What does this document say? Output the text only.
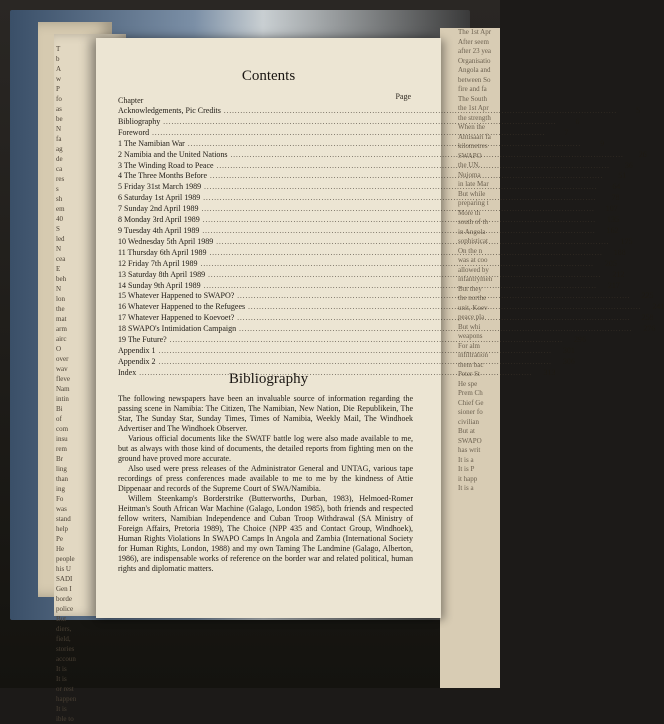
T
b
A
w
P
fo
as
be
N
fa
ag
de
ca
res
s
sh
em
40
S
led
N
cea
E
beh
N
lon
the
mat
arm
airc
O
over
wav
fleve
Nam
intin
Bi
of
com
insu
rem
Br
ling
than
ing
Fo
was
stand
help
Pe
He
people
his U
SADI
Gen I
borde
police
But
diers,
field,
stories
accoun
It is
It is
or rest
happen
It is
ible to
The 1st Apr
After seem
after 23 yea
Organisatio
Angola and
between So
fire and fa
The South
the 1st Apr
the strength
When the
Ahtisaari fa
kilometres
SWAPO
the UN.
Nujoma
in late Mar
But while
preparing t
More th
south of th
in Angola
sophisticat
On the n
was at coo
allowed by
infantrymen
But they
the northe
unit, Koev
peace pla
But whi
weapons
For alm
infiltration
them bac
Peter St
He spe
Prem Ch
Chief Ge
sioner fo
civilian
But at
SWAPO
has writ
It is a
It is P
it happ
It is a
Contents
Chapter	Page
Acknowledgements, Pic Credits .....	5
Bibliography .....	6
Foreword .....	7
1 The Namibian War .....	9
2 Namibia and the United Nations .....	26
3 The Winding Road to Peace .....	36
4 The Three Months Before .....	51
5 Friday 31st March 1989 .....	64
6 Saturday 1st April 1989 .....	78
7 Sunday 2nd April 1989 .....	107
8 Monday 3rd April 1989 .....	135
9 Tuesday 4th April 1989 .....	162
10 Wednesday 5th April 1989 .....	175
11 Thursday 6th April 1989 .....	188
12 Friday 7th April 1989 .....	205
13 Saturday 8th April 1989 .....	212
14 Sunday 9th April 1989 .....	217
15 Whatever Happened to SWAPO? .....	225
16 Whatever Happened to the Refugees .....	241
17 Whatever Happened to Koevoet? .....	258
18 SWAPO's Intimidation Campaign .....	276
19 The Future? .....	296
Appendix 1 .....	301
Appendix 2 .....	306
Index .....	313
Bibliography

The following newspapers have been an invaluable source of information regarding the passing scene in Namibia: The Citizen, The Namibian, New Nation, Die Republikein, The Star, The Sunday Star, Sunday Times, Times of Namibia, Weekly Mail, The Windhoek Advertiser and The Windhoek Observer.

Various official documents like the SWATF battle log were also made available to me, but as always with those kind of documents, the detailed reports from fighting men on the ground have proved more accurate.

Also used were press releases of the Administrator General and UNTAG, various tape recordings of press conferences made available to me to me by the kindness of Attie Dippenaar and records of the Supreme Court of SWA/Namibia.

Willem Steenkamp's Borderstrike (Butterworths, Durban, 1983), Helmoed-Romer Heitman's South African War Machine (Galago, London 1985), both friends and respected fellow writers, Namibian Independence and Cuban Troop Withdrawal (SA Ministry of Foreign Affairs, Pretoria 1989), The Choice (NPP 435 and Contact Group, Windhoek), Human Rights Violations In SWAPO Camps In Angola and Zambia (International Society for Human Rights, London, 1988) and my own Taming The Landmine (Galago, Alberton, 1986), are indispensable works of reference on the border war and related political, human rights and diplomatic matters.
